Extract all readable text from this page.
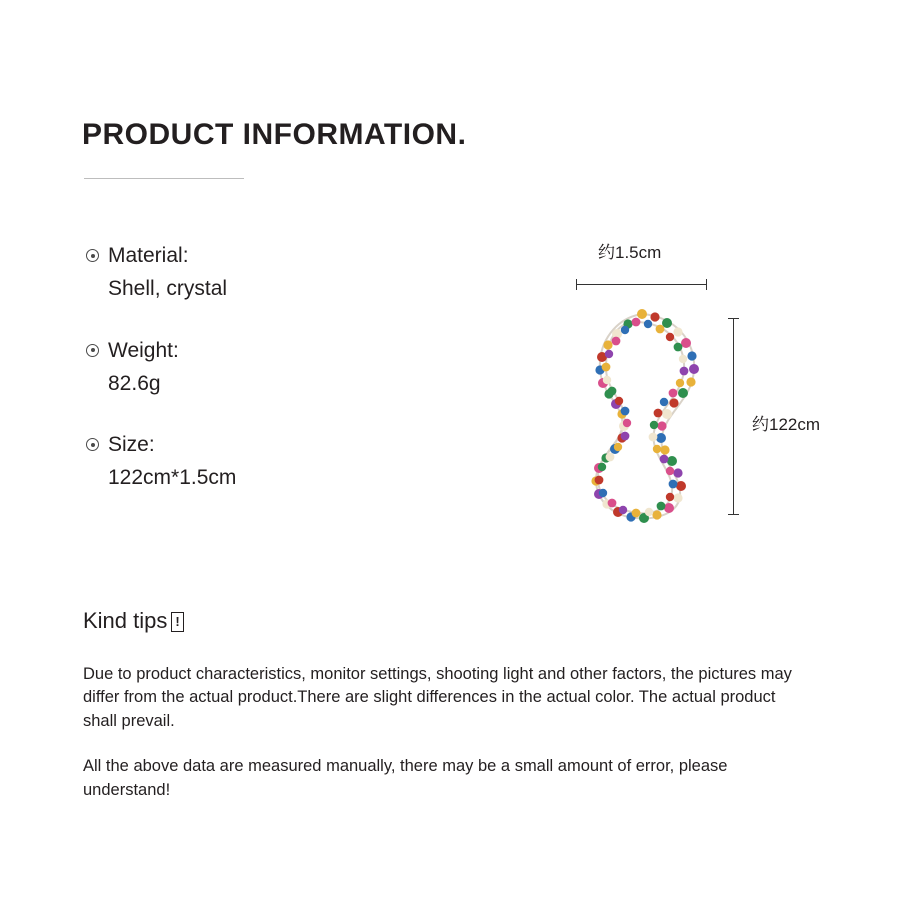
PRODUCT INFORMATION.
Material:
Shell, crystal
Weight:
82.6g
Size:
122cm*1.5cm
约1.5cm
约122cm
Kind tips !

Due to product characteristics, monitor settings, shooting light and other factors, the pictures may differ from the actual product.There are slight differences in the actual color. The actual product shall prevail.

All the above data are measured manually, there may be a small amount of error, please understand!
